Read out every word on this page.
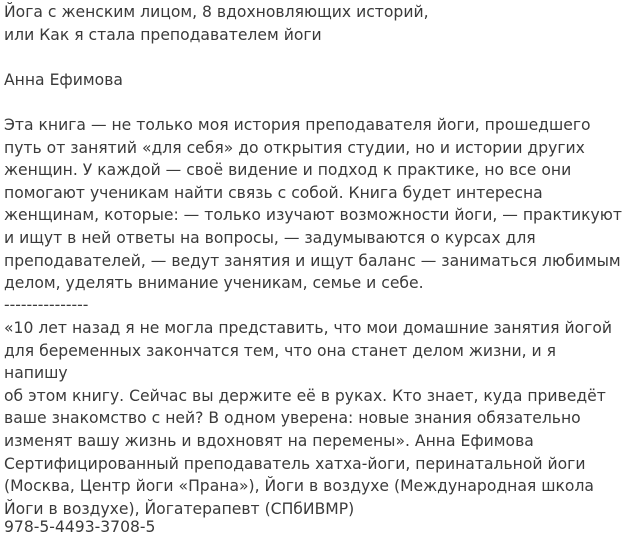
Йога с женским лицом, 8 вдохновляющих историй,
или Как я стала преподавателем йоги

Анна Ефимова

Эта книга — не только моя история преподавателя йоги, прошедшего
путь от занятий «для себя» до открытия студии, но и истории других
женщин. У каждой — своё видение и подход к практике, но все они
помогают ученикам найти связь с собой. Книга будет интересна
женщинам, которые: — только изучают возможности йоги, — практикуют
и ищут в ней ответы на вопросы, — задумываются о курсах для
преподавателей, — ведут занятия и ищут баланс — заниматься любимым
делом, уделять внимание ученикам, семье и себе.

---------------

«10 лет назад я не могла представить, что мои домашние занятия йогой
для беременных закончатся тем, что она станет делом жизни, и я напишу
об этом книгу. Сейчас вы держите её в руках. Кто знает, куда приведёт
ваше знакомство с ней? В одном уверена: новые знания обязательно
изменят вашу жизнь и вдохновят на перемены». Анна Ефимова
Сертифицированный преподаватель хатха-йоги, перинатальной йоги
(Москва, Центр йоги «Прана»), Йоги в воздухе (Международная школа
Йоги в воздухе), Йогатерапевт (СПбИВМР)

978-5-4493-3708-5
